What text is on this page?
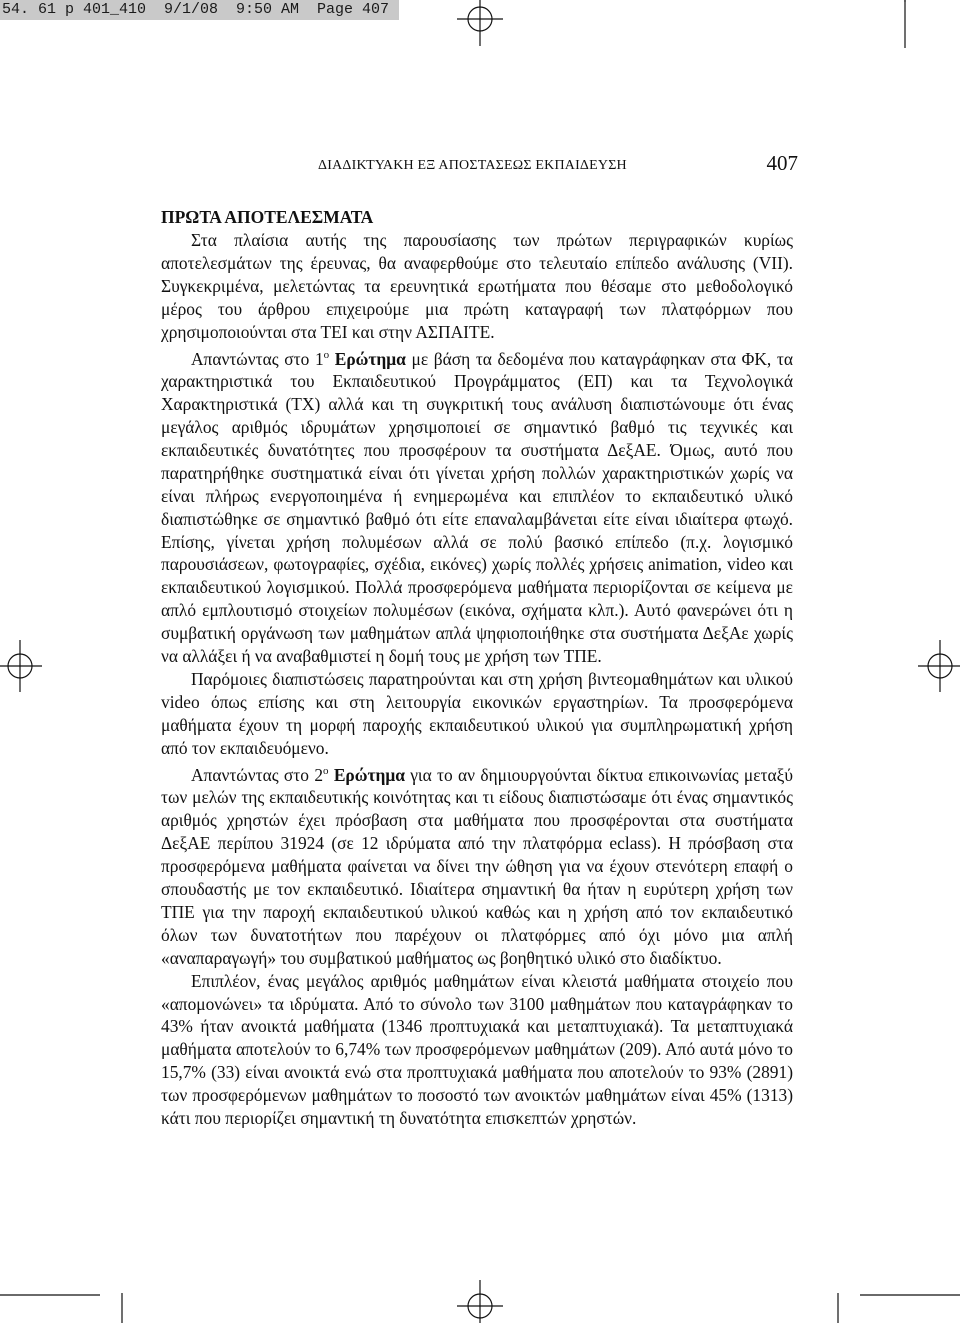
54. 61 p 401_410  9/1/08  9:50 AM  Page 407
ΔΙΑΔΙΚΤΥΑΚΗ ΕΞ ΑΠΟΣΤΑΣΕΩΣ ΕΚΠΑΙΔΕΥΣΗ	407
ΠΡΩΤΑ ΑΠΟΤΕΛΕΣΜΑΤΑ

Στα πλαίσια αυτής της παρουσίασης των πρώτων περιγραφικών κυρίως αποτελεσμάτων της έρευνας, θα αναφερθούμε στο τελευταίο επίπεδο ανάλυσης (VII). Συγκεκριμένα, μελετώντας τα ερευνητικά ερωτήματα που θέσαμε στο μεθοδολογικό μέρος του άρθρου επιχειρούμε μια πρώτη καταγραφή των πλατφόρμων που χρησιμοποιούνται στα ΤΕΙ και στην ΑΣΠΑΙΤΕ.

Απαντώντας στο $1^o$ Ερώτημα με βάση τα δεδομένα που καταγράφηκαν στα ΦΚ, τα χαρακτηριστικά του Εκπαιδευτικού Προγράμματος (ΕΠ) και τα Τεχνολογικά Χαρακτηριστικά (ΤΧ) αλλά και τη συγκριτική τους ανάλυση διαπιστώνουμε ότι ένας μεγάλος αριθμός ιδρυμάτων χρησιμοποιεί σε σημαντικό βαθμό τις τεχνικές και εκπαιδευτικές δυνατότητες που προσφέρουν τα συστήματα ΔεξΑΕ. Όμως, αυτό που παρατηρήθηκε συστηματικά είναι ότι γίνεται χρήση πολλών χαρακτηριστικών χωρίς να είναι πλήρως ενεργοποιημένα ή ενημερωμένα και επιπλέον το εκπαιδευτικό υλικό διαπιστώθηκε σε σημαντικό βαθμό ότι είτε επαναλαμβάνεται είτε είναι ιδιαίτερα φτωχό. Επίσης, γίνεται χρήση πολυμέσων αλλά σε πολύ βασικό επίπεδο (π.χ. λογισμικό παρουσιάσεων, φωτογραφίες, σχέδια, εικόνες) χωρίς πολλές χρήσεις animation, video και εκπαιδευτικού λογισμικού. Πολλά προσφερόμενα μαθήματα περιορίζονται σε κείμενα με απλό εμπλουτισμό στοιχείων πολυμέσων (εικόνα, σχήματα κλπ.). Αυτό φανερώνει ότι η συμβατική οργάνωση των μαθημάτων απλά ψηφιοποιήθηκε στα συστήματα ΔεξΑε χωρίς να αλλάξει ή να αναβαθμιστεί η δομή τους με χρήση των ΤΠΕ.

Παρόμοιες διαπιστώσεις παρατηρούνται και στη χρήση βιντεομαθημάτων και υλικού video όπως επίσης και στη λειτουργία εικονικών εργαστηρίων. Τα προσφερόμενα μαθήματα έχουν τη μορφή παροχής εκπαιδευτικού υλικού για συμπληρωματική χρήση από τον εκπαιδευόμενο.

Απαντώντας στο $2^o$ Ερώτημα για το αν δημιουργούνται δίκτυα επικοινωνίας μεταξύ των μελών της εκπαιδευτικής κοινότητας και τι είδους διαπιστώσαμε ότι ένας σημαντικός αριθμός χρηστών έχει πρόσβαση στα μαθήματα που προσφέρονται στα συστήματα ΔεξΑΕ περίπου 31924 (σε 12 ιδρύματα από την πλατφόρμα eclass). Η πρόσβαση στα προσφερόμενα μαθήματα φαίνεται να δίνει την ώθηση για να έχουν στενότερη επαφή ο σπουδαστής με τον εκπαιδευτικό. Ιδιαίτερα σημαντική θα ήταν η ευρύτερη χρήση των ΤΠΕ για την παροχή εκπαιδευτικού υλικού καθώς και η χρήση από τον εκπαιδευτικό όλων των δυνατοτήτων που παρέχουν οι πλατφόρμες από όχι μόνο μια απλή «αναπαραγωγή» του συμβατικού μαθήματος ως βοηθητικό υλικό στο διαδίκτυο.

Επιπλέον, ένας μεγάλος αριθμός μαθημάτων είναι κλειστά μαθήματα στοιχείο που «απομονώνει» τα ιδρύματα. Από το σύνολο των 3100 μαθημάτων που καταγράφηκαν το 43% ήταν ανοικτά μαθήματα (1346 προπτυχιακά και μεταπτυχιακά). Τα μεταπτυχιακά μαθήματα αποτελούν το 6,74% των προσφερόμενων μαθημάτων (209). Από αυτά μόνο το 15,7% (33) είναι ανοικτά ενώ στα προπτυχιακά μαθήματα που αποτελούν το 93% (2891) των προσφερόμενων μαθημάτων το ποσοστό των ανοικτών μαθημάτων είναι 45% (1313) κάτι που περιορίζει σημαντική τη δυνατότητα επισκεπτών χρηστών.
